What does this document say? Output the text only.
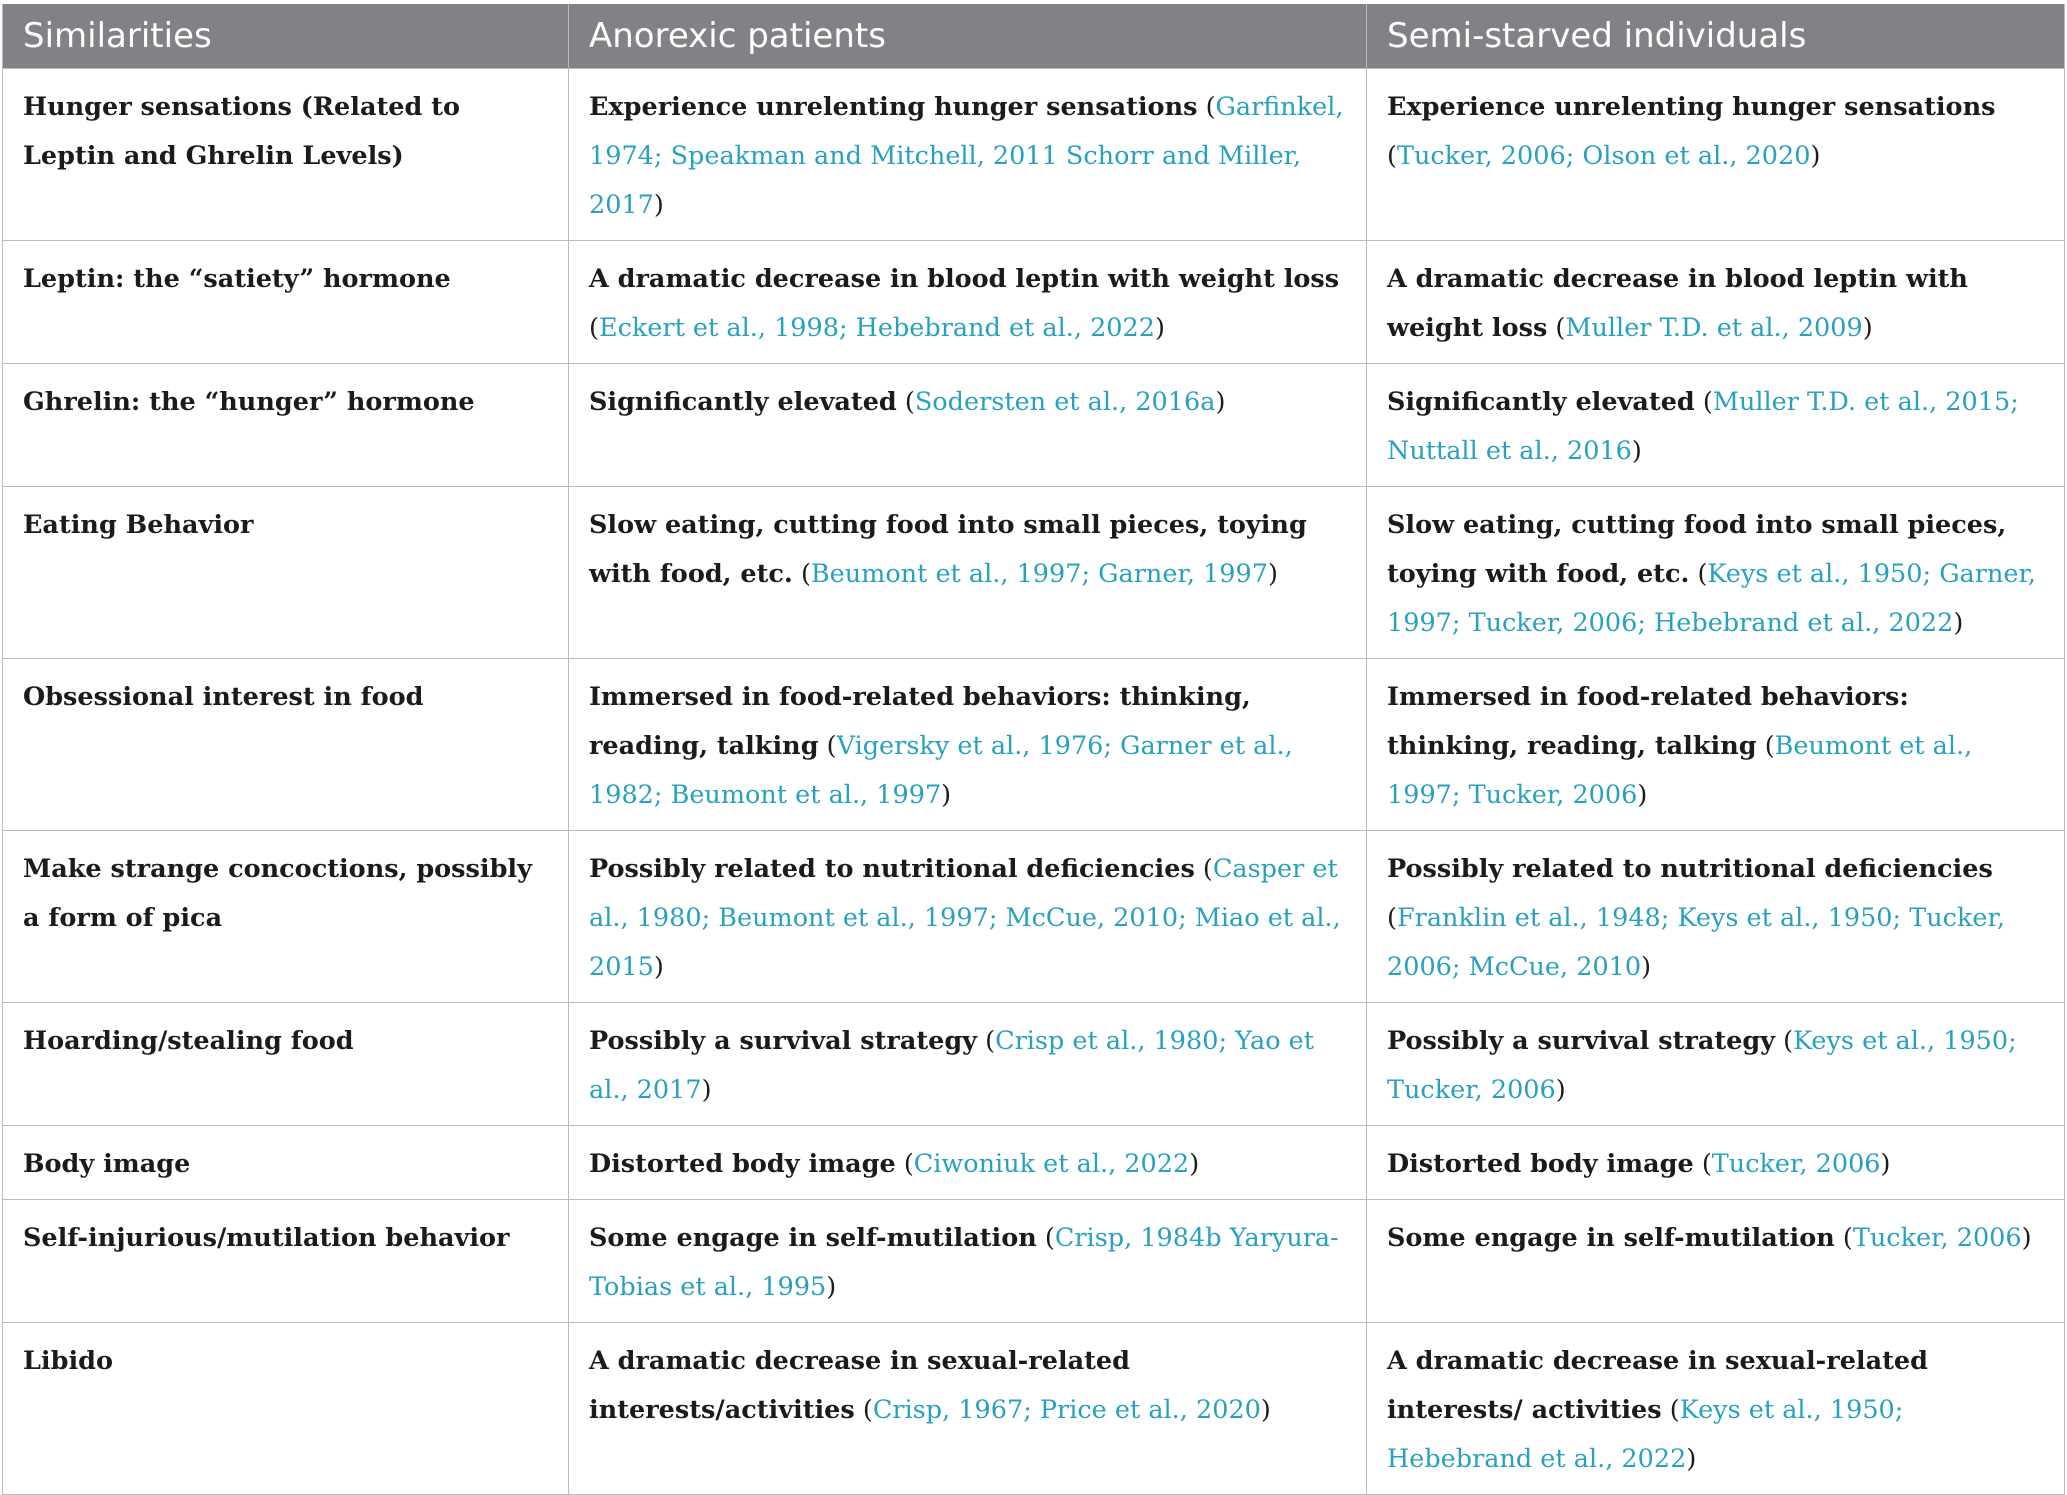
Similarities	Anorexic patients	Semi-starved individuals
Hunger sensations (Related to Leptin and Ghrelin Levels)	Experience unrelenting hunger sensations (Garfinkel, 1974; Speakman and Mitchell, 2011 Schorr and Miller, 2017)	Experience unrelenting hunger sensations (Tucker, 2006; Olson et al., 2020)
Leptin: the “satiety” hormone	A dramatic decrease in blood leptin with weight loss (Eckert et al., 1998; Hebebrand et al., 2022)	A dramatic decrease in blood leptin with weight loss (Muller T.D. et al., 2009)
Ghrelin: the “hunger” hormone	Significantly elevated (Sodersten et al., 2016a)	Significantly elevated (Muller T.D. et al., 2015; Nuttall et al., 2016)
Eating Behavior	Slow eating, cutting food into small pieces, toying with food, etc. (Beumont et al., 1997; Garner, 1997)	Slow eating, cutting food into small pieces, toying with food, etc. (Keys et al., 1950; Garner, 1997; Tucker, 2006; Hebebrand et al., 2022)
Obsessional interest in food	Immersed in food-related behaviors: thinking, reading, talking (Vigersky et al., 1976; Garner et al., 1982; Beumont et al., 1997)	Immersed in food-related behaviors: thinking, reading, talking (Beumont et al., 1997; Tucker, 2006)
Make strange concoctions, possibly a form of pica	Possibly related to nutritional deficiencies (Casper et al., 1980; Beumont et al., 1997; McCue, 2010; Miao et al., 2015)	Possibly related to nutritional deficiencies (Franklin et al., 1948; Keys et al., 1950; Tucker, 2006; McCue, 2010)
Hoarding/stealing food	Possibly a survival strategy (Crisp et al., 1980; Yao et al., 2017)	Possibly a survival strategy (Keys et al., 1950; Tucker, 2006)
Body image	Distorted body image (Ciwoniuk et al., 2022)	Distorted body image (Tucker, 2006)
Self-injurious/mutilation behavior	Some engage in self-mutilation (Crisp, 1984b Yaryura-Tobias et al., 1995)	Some engage in self-mutilation (Tucker, 2006)
Libido	A dramatic decrease in sexual-related interests/activities (Crisp, 1967; Price et al., 2020)	A dramatic decrease in sexual-related interests/ activities (Keys et al., 1950; Hebebrand et al., 2022)
